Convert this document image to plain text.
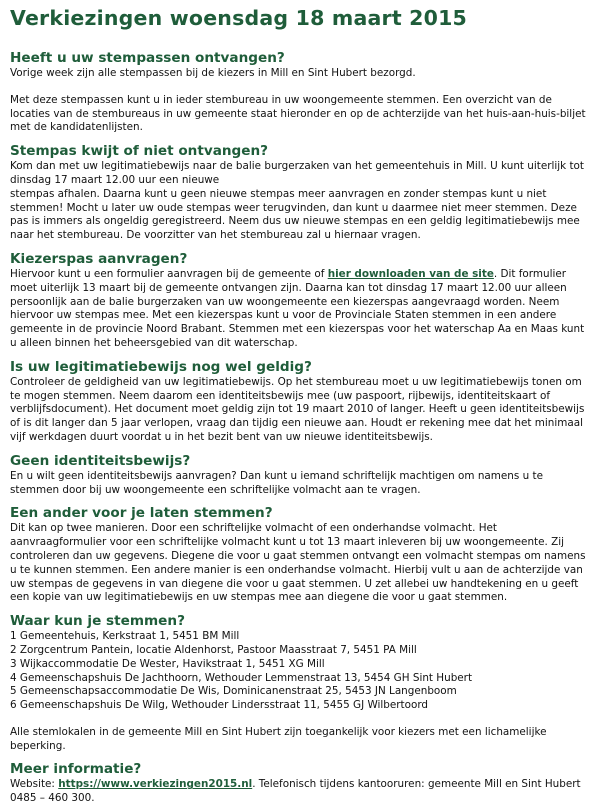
Verkiezingen woensdag 18 maart 2015
Heeft u uw stempassen ontvangen?

Vorige week zijn alle stempassen bij de kiezers in Mill en Sint Hubert bezorgd.

Met deze stempassen kunt u in ieder stembureau in uw woongemeente stemmen. Een overzicht van de locaties van de stembureaus in uw gemeente staat hieronder en op de achterzijde van het huis-aan-huis-biljet met de kandidatenlijsten.

Stempas kwijt of niet ontvangen?

Kom dan met uw legitimatiebewijs naar de balie burgerzaken van het gemeentehuis in Mill. U kunt uiterlijk tot dinsdag 17 maart 12.00 uur een nieuwe

stempas afhalen. Daarna kunt u geen nieuwe stempas meer aanvragen en zonder stempas kunt u niet stemmen! Mocht u later uw oude stempas weer terugvinden, dan kunt u daarmee niet meer stemmen. Deze pas is immers als ongeldig geregistreerd. Neem dus uw nieuwe stempas en een geldig legitimatiebewijs mee naar het stembureau. De voorzitter van het stembureau zal u hiernaar vragen.

Kiezerspas aanvragen?

Hiervoor kunt u een formulier aanvragen bij de gemeente of hier downloaden van de site. Dit formulier moet uiterlijk 13 maart bij de gemeente ontvangen zijn. Daarna kan tot dinsdag 17 maart 12.00 uur alleen persoonlijk aan de balie burgerzaken van uw woongemeente een kiezerspas aangevraagd worden. Neem hiervoor uw stempas mee. Met een kiezerspas kunt u voor de Provinciale Staten stemmen in een andere gemeente in de provincie Noord Brabant. Stemmen met een kiezerspas voor het waterschap Aa en Maas kunt u alleen binnen het beheersgebied van dit waterschap.

Is uw legitimatiebewijs nog wel geldig?

Controleer de geldigheid van uw legitimatiebewijs. Op het stembureau moet u uw legitimatiebewijs tonen om te mogen stemmen. Neem daarom een identiteitsbewijs mee (uw paspoort, rijbewijs, identiteitskaart of verblijfsdocument). Het document moet geldig zijn tot 19 maart 2010 of langer. Heeft u geen identiteitsbewijs of is dit langer dan 5 jaar verlopen, vraag dan tijdig een nieuwe aan. Houdt er rekening mee dat het minimaal vijf werkdagen duurt voordat u in het bezit bent van uw nieuwe identiteitsbewijs.

Geen identiteitsbewijs?

En u wilt geen identiteitsbewijs aanvragen? Dan kunt u iemand schriftelijk machtigen om namens u te stemmen door bij uw woongemeente een schriftelijke volmacht aan te vragen.

Een ander voor je laten stemmen?

Dit kan op twee manieren. Door een schriftelijke volmacht of een onderhandse volmacht. Het aanvraagformulier voor een schriftelijke volmacht kunt u tot 13 maart inleveren bij uw woongemeente. Zij controleren dan uw gegevens. Diegene die voor u gaat stemmen ontvangt een volmacht stempas om namens u te kunnen stemmen. Een andere manier is een onderhandse volmacht. Hierbij vult u aan de achterzijde van uw stempas de gegevens in van diegene die voor u gaat stemmen. U zet allebei uw handtekening en u geeft een kopie van uw legitimatiebewijs en uw stempas mee aan diegene die voor u gaat stemmen.

Waar kun je stemmen?

1 Gemeentehuis, Kerkstraat 1, 5451 BM Mill

2 Zorgcentrum Pantein, locatie Aldenhorst, Pastoor Maasstraat 7, 5451 PA Mill

3 Wijkaccommodatie De Wester, Havikstraat 1, 5451 XG Mill

4 Gemeenschapshuis De Jachthoorn, Wethouder Lemmenstraat 13, 5454 GH Sint Hubert

5 Gemeenschapsaccommodatie De Wis, Dominicanenstraat 25, 5453 JN Langenboom

6 Gemeenschapshuis De Wilg, Wethouder Lindersstraat 11, 5455 GJ Wilbertoord

Alle stemlokalen in de gemeente Mill en Sint Hubert zijn toegankelijk voor kiezers met een lichamelijke beperking.

Meer informatie?

Website: https://www.verkiezingen2015.nl. Telefonisch tijdens kantooruren: gemeente Mill en Sint Hubert 0485 – 460 300.
